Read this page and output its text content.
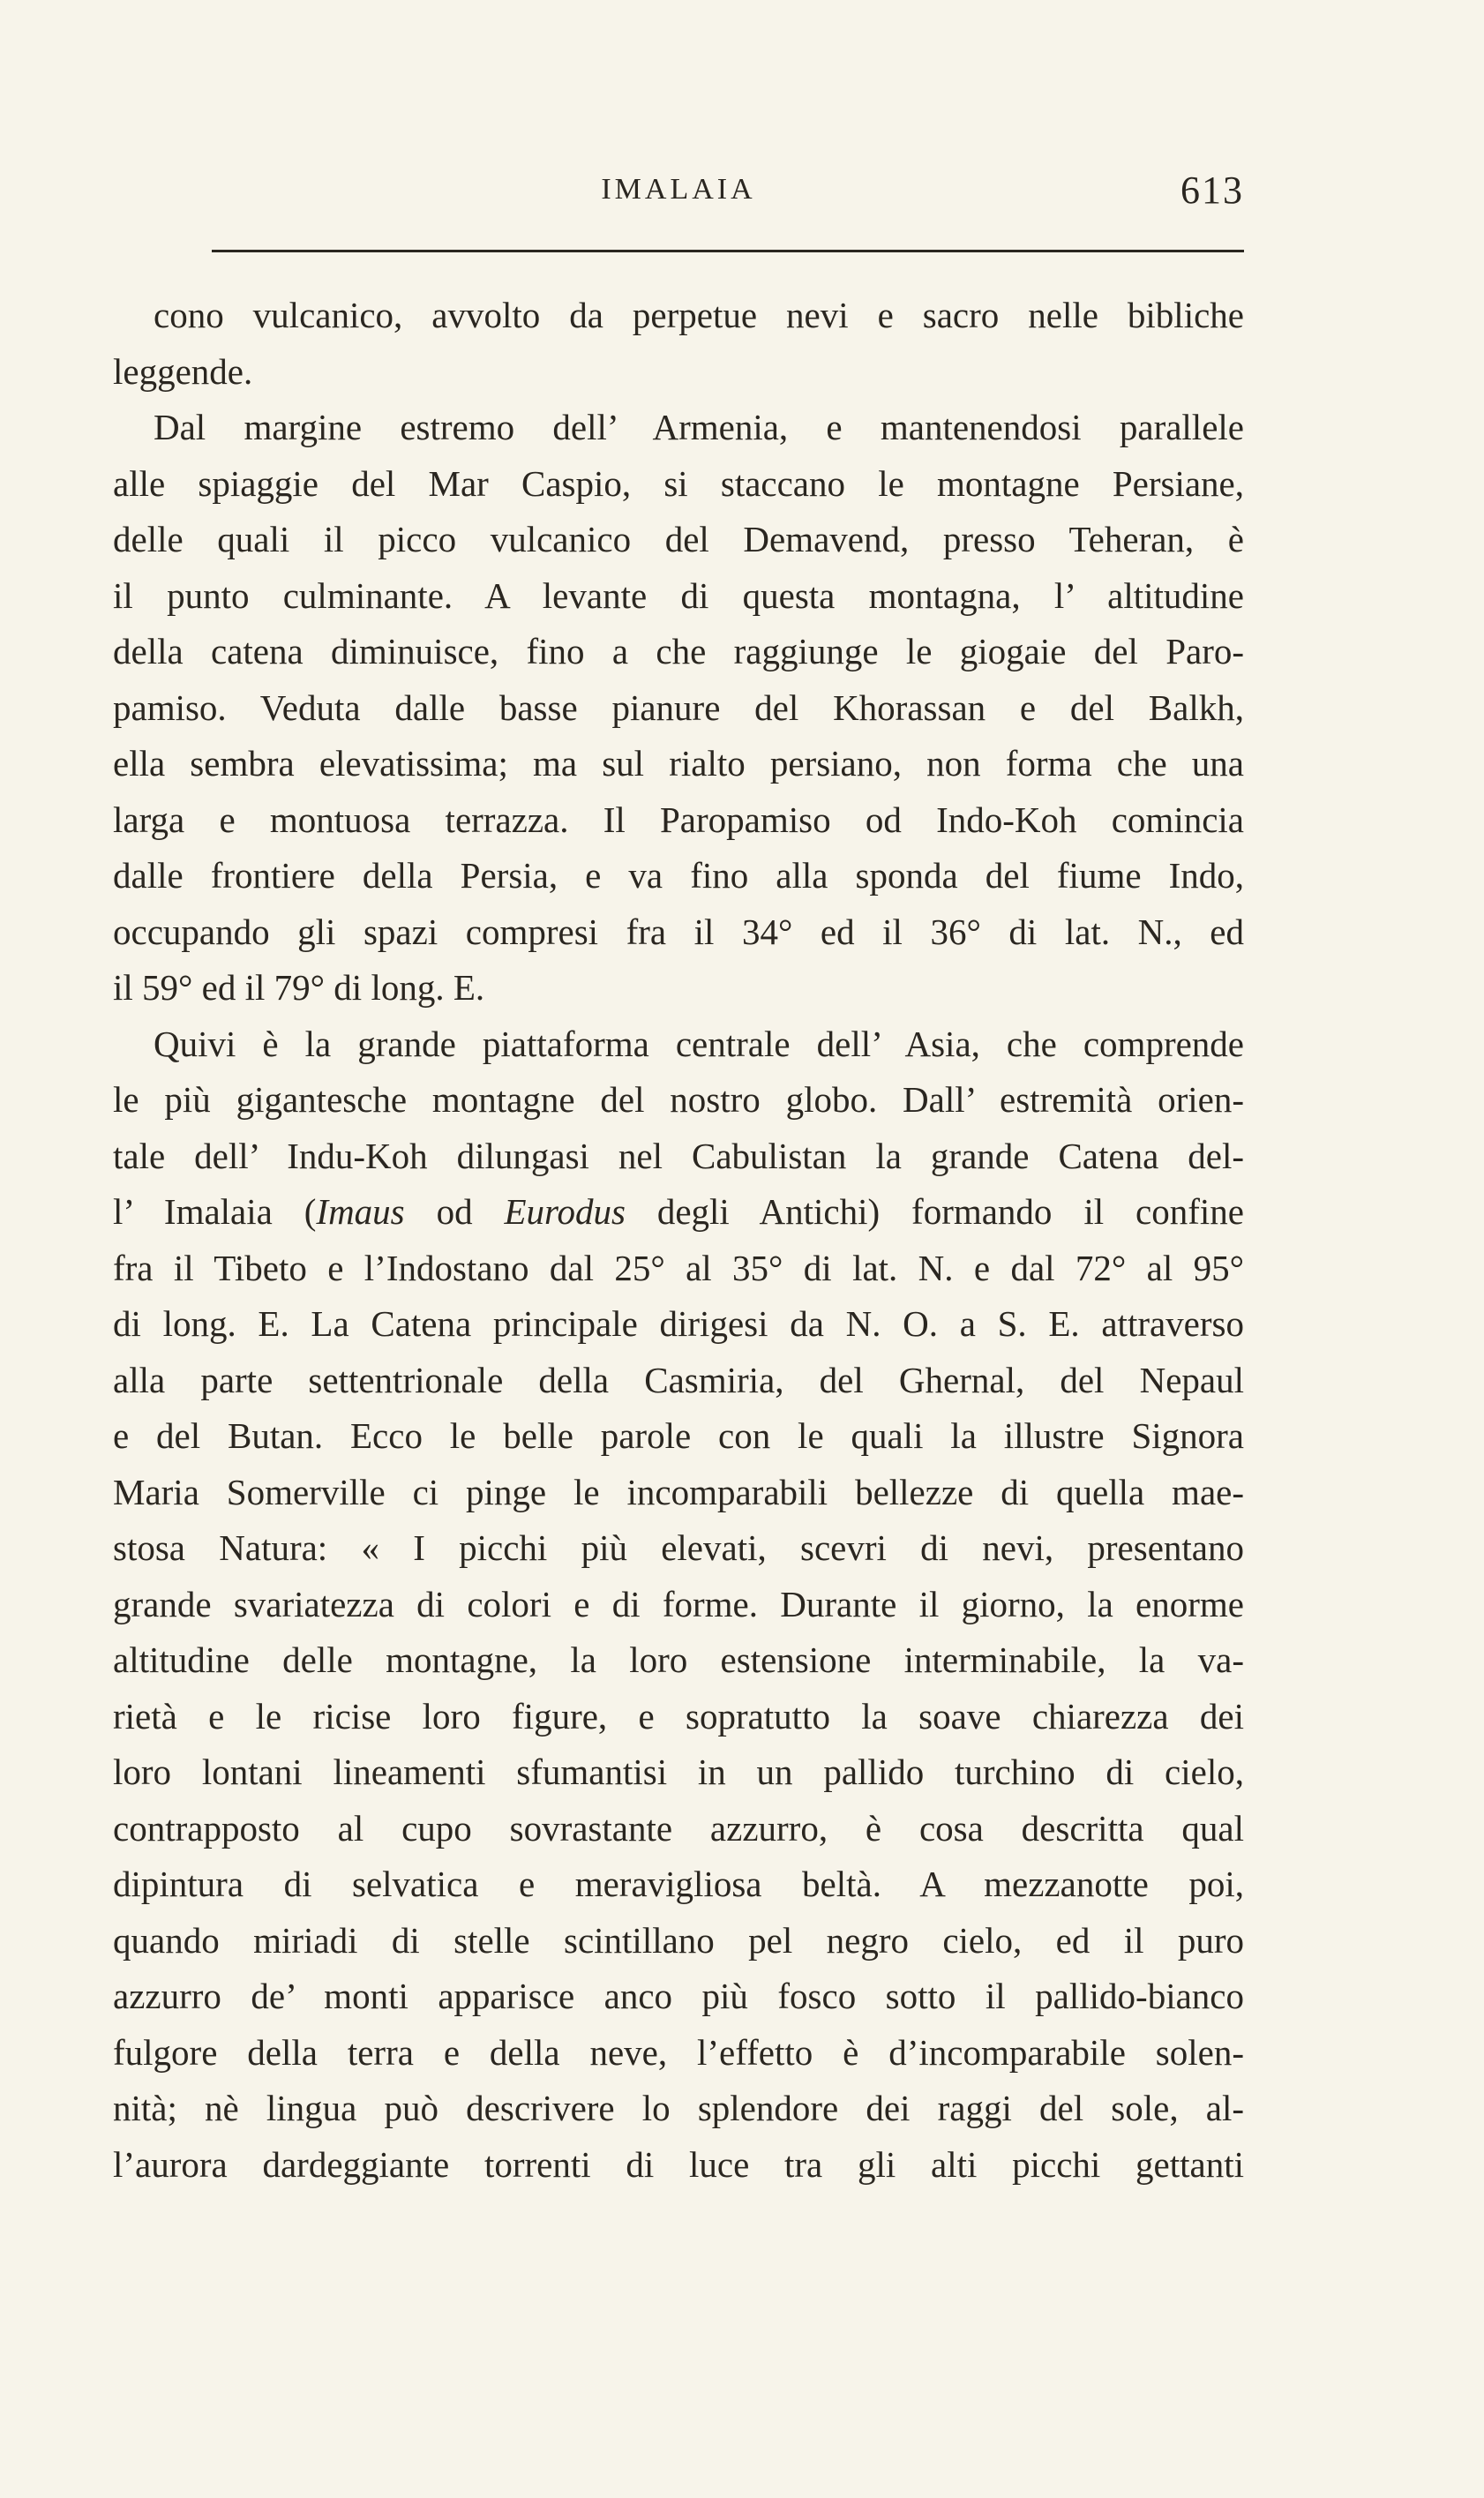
IMALAIA	613
cono vulcanico, avvolto da perpetue nevi e sacro nelle bibliche
leggende.
Dal margine estremo dell’ Armenia, e mantenendosi parallele
alle spiaggie del Mar Caspio, si staccano le montagne Persiane,
delle quali il picco vulcanico del Demavend, presso Teheran, è
il punto culminante. A levante di questa montagna, l’ altitudine
della catena diminuisce, fino a che raggiunge le giogaie del Paro-
pamiso. Veduta dalle basse pianure del Khorassan e del Balkh,
ella sembra elevatissima; ma sul rialto persiano, non forma che una
larga e montuosa terrazza. Il Paropamiso od Indo-Koh comincia
dalle frontiere della Persia, e va fino alla sponda del fiume Indo,
occupando gli spazi compresi fra il 34° ed il 36° di lat. N., ed
il 59° ed il 79° di long. E.
Quivi è la grande piattaforma centrale dell’ Asia, che comprende
le più gigantesche montagne del nostro globo. Dall’ estremità orien-
tale dell’ Indu-Koh dilungasi nel Cabulistan la grande Catena del-
l’ Imalaia (Imaus od Eurodus degli Antichi) formando il confine
fra il Tibeto e l’Indostano dal 25° al 35° di lat. N. e dal 72° al 95°
di long. E. La Catena principale dirigesi da N. O. a S. E. attraverso
alla parte settentrionale della Casmiria, del Ghernal, del Nepaul
e del Butan. Ecco le belle parole con le quali la illustre Signora
Maria Somerville ci pinge le incomparabili bellezze di quella mae-
stosa Natura: « I picchi più elevati, scevri di nevi, presentano
grande svariatezza di colori e di forme. Durante il giorno, la enorme
altitudine delle montagne, la loro estensione interminabile, la va-
rietà e le ricise loro figure, e sopratutto la soave chiarezza dei
loro lontani lineamenti sfumantisi in un pallido turchino di cielo,
contrapposto al cupo sovrastante azzurro, è cosa descritta qual
dipintura di selvatica e meravigliosa beltà. A mezzanotte poi,
quando miriadi di stelle scintillano pel negro cielo, ed il puro
azzurro de’ monti apparisce anco più fosco sotto il pallido-bianco
fulgore della terra e della neve, l’effetto è d’incomparabile solen-
nità; nè lingua può descrivere lo splendore dei raggi del sole, al-
l’aurora dardeggiante torrenti di luce tra gli alti picchi gettanti
